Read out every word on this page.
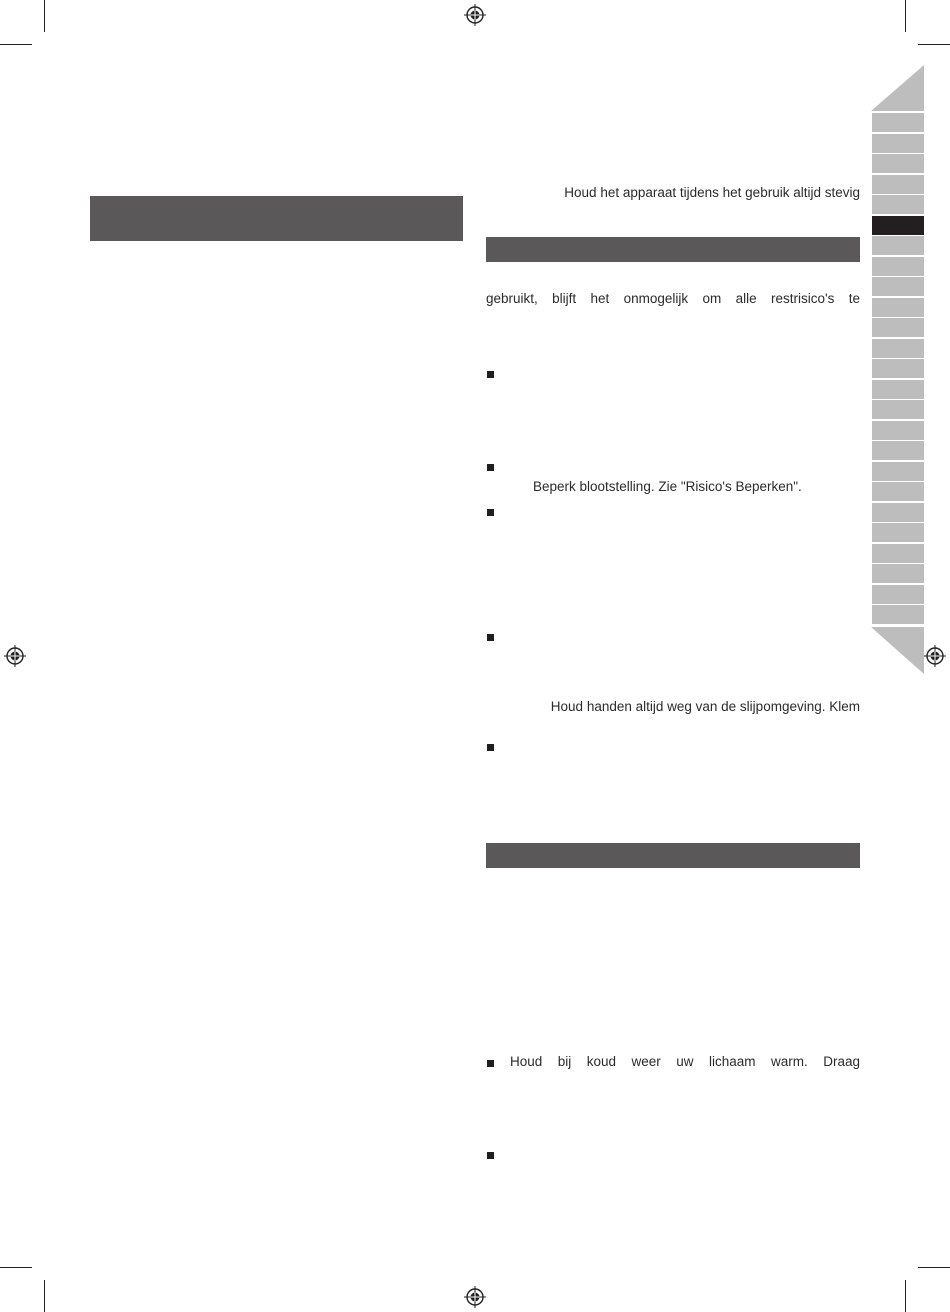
Houd het apparaat tijdens het gebruik altijd stevig
gebruikt, blijft het onmogelijk om alle restrisico's te
Beperk blootstelling. Zie "Risico's Beperken".
Houd handen altijd weg van de slijpomgeving. Klem
Houd bij koud weer uw lichaam warm. Draag
